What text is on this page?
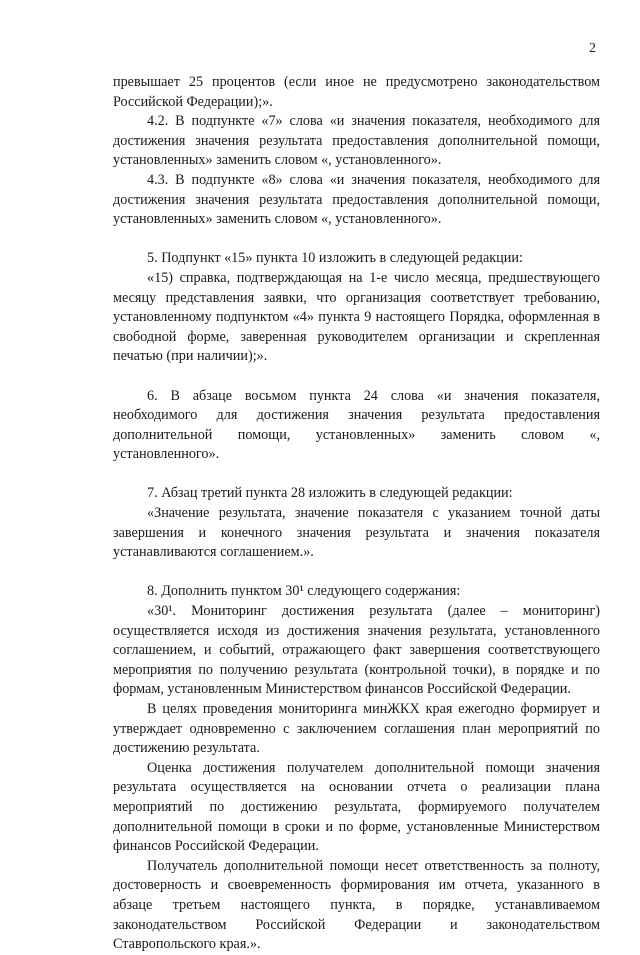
2

превышает 25 процентов (если иное не предусмотрено законодательством Российской Федерации);».

4.2. В подпункте «7» слова «и значения показателя, необходимого для достижения значения результата предоставления дополнительной помощи, установленных» заменить словом «, установленного».

4.3. В подпункте «8» слова «и значения показателя, необходимого для достижения значения результата предоставления дополнительной помощи, установленных» заменить словом «, установленного».

5. Подпункт «15» пункта 10 изложить в следующей редакции:

«15) справка, подтверждающая на 1-е число месяца, предшествующего месяцу представления заявки, что организация соответствует требованию, установленному подпунктом «4» пункта 9 настоящего Порядка, оформленная в свободной форме, заверенная руководителем организации и скрепленная печатью (при наличии);».

6. В абзаце восьмом пункта 24 слова «и значения показателя, необходимого для достижения значения результата предоставления дополнительной помощи, установленных» заменить словом «, установленного».

7. Абзац третий пункта 28 изложить в следующей редакции:

«Значение результата, значение показателя с указанием точной даты завершения и конечного значения результата и значения показателя устанавливаются соглашением.».

8. Дополнить пунктом 30¹ следующего содержания:

«30¹. Мониторинг достижения результата (далее – мониторинг) осуществляется исходя из достижения значения результата, установленного соглашением, и событий, отражающего факт завершения соответствующего мероприятия по получению результата (контрольной точки), в порядке и по формам, установленным Министерством финансов Российской Федерации.

В целях проведения мониторинга минЖКХ края ежегодно формирует и утверждает одновременно с заключением соглашения план мероприятий по достижению результата.

Оценка достижения получателем дополнительной помощи значения результата осуществляется на основании отчета о реализации плана мероприятий по достижению результата, формируемого получателем дополнительной помощи в сроки и по форме, установленные Министерством финансов Российской Федерации.

Получатель дополнительной помощи несет ответственность за полноту, достоверность и своевременность формирования им отчета, указанного в абзаце третьем настоящего пункта, в порядке, устанавливаемом законодательством Российской Федерации и законодательством Ставропольского края.».
